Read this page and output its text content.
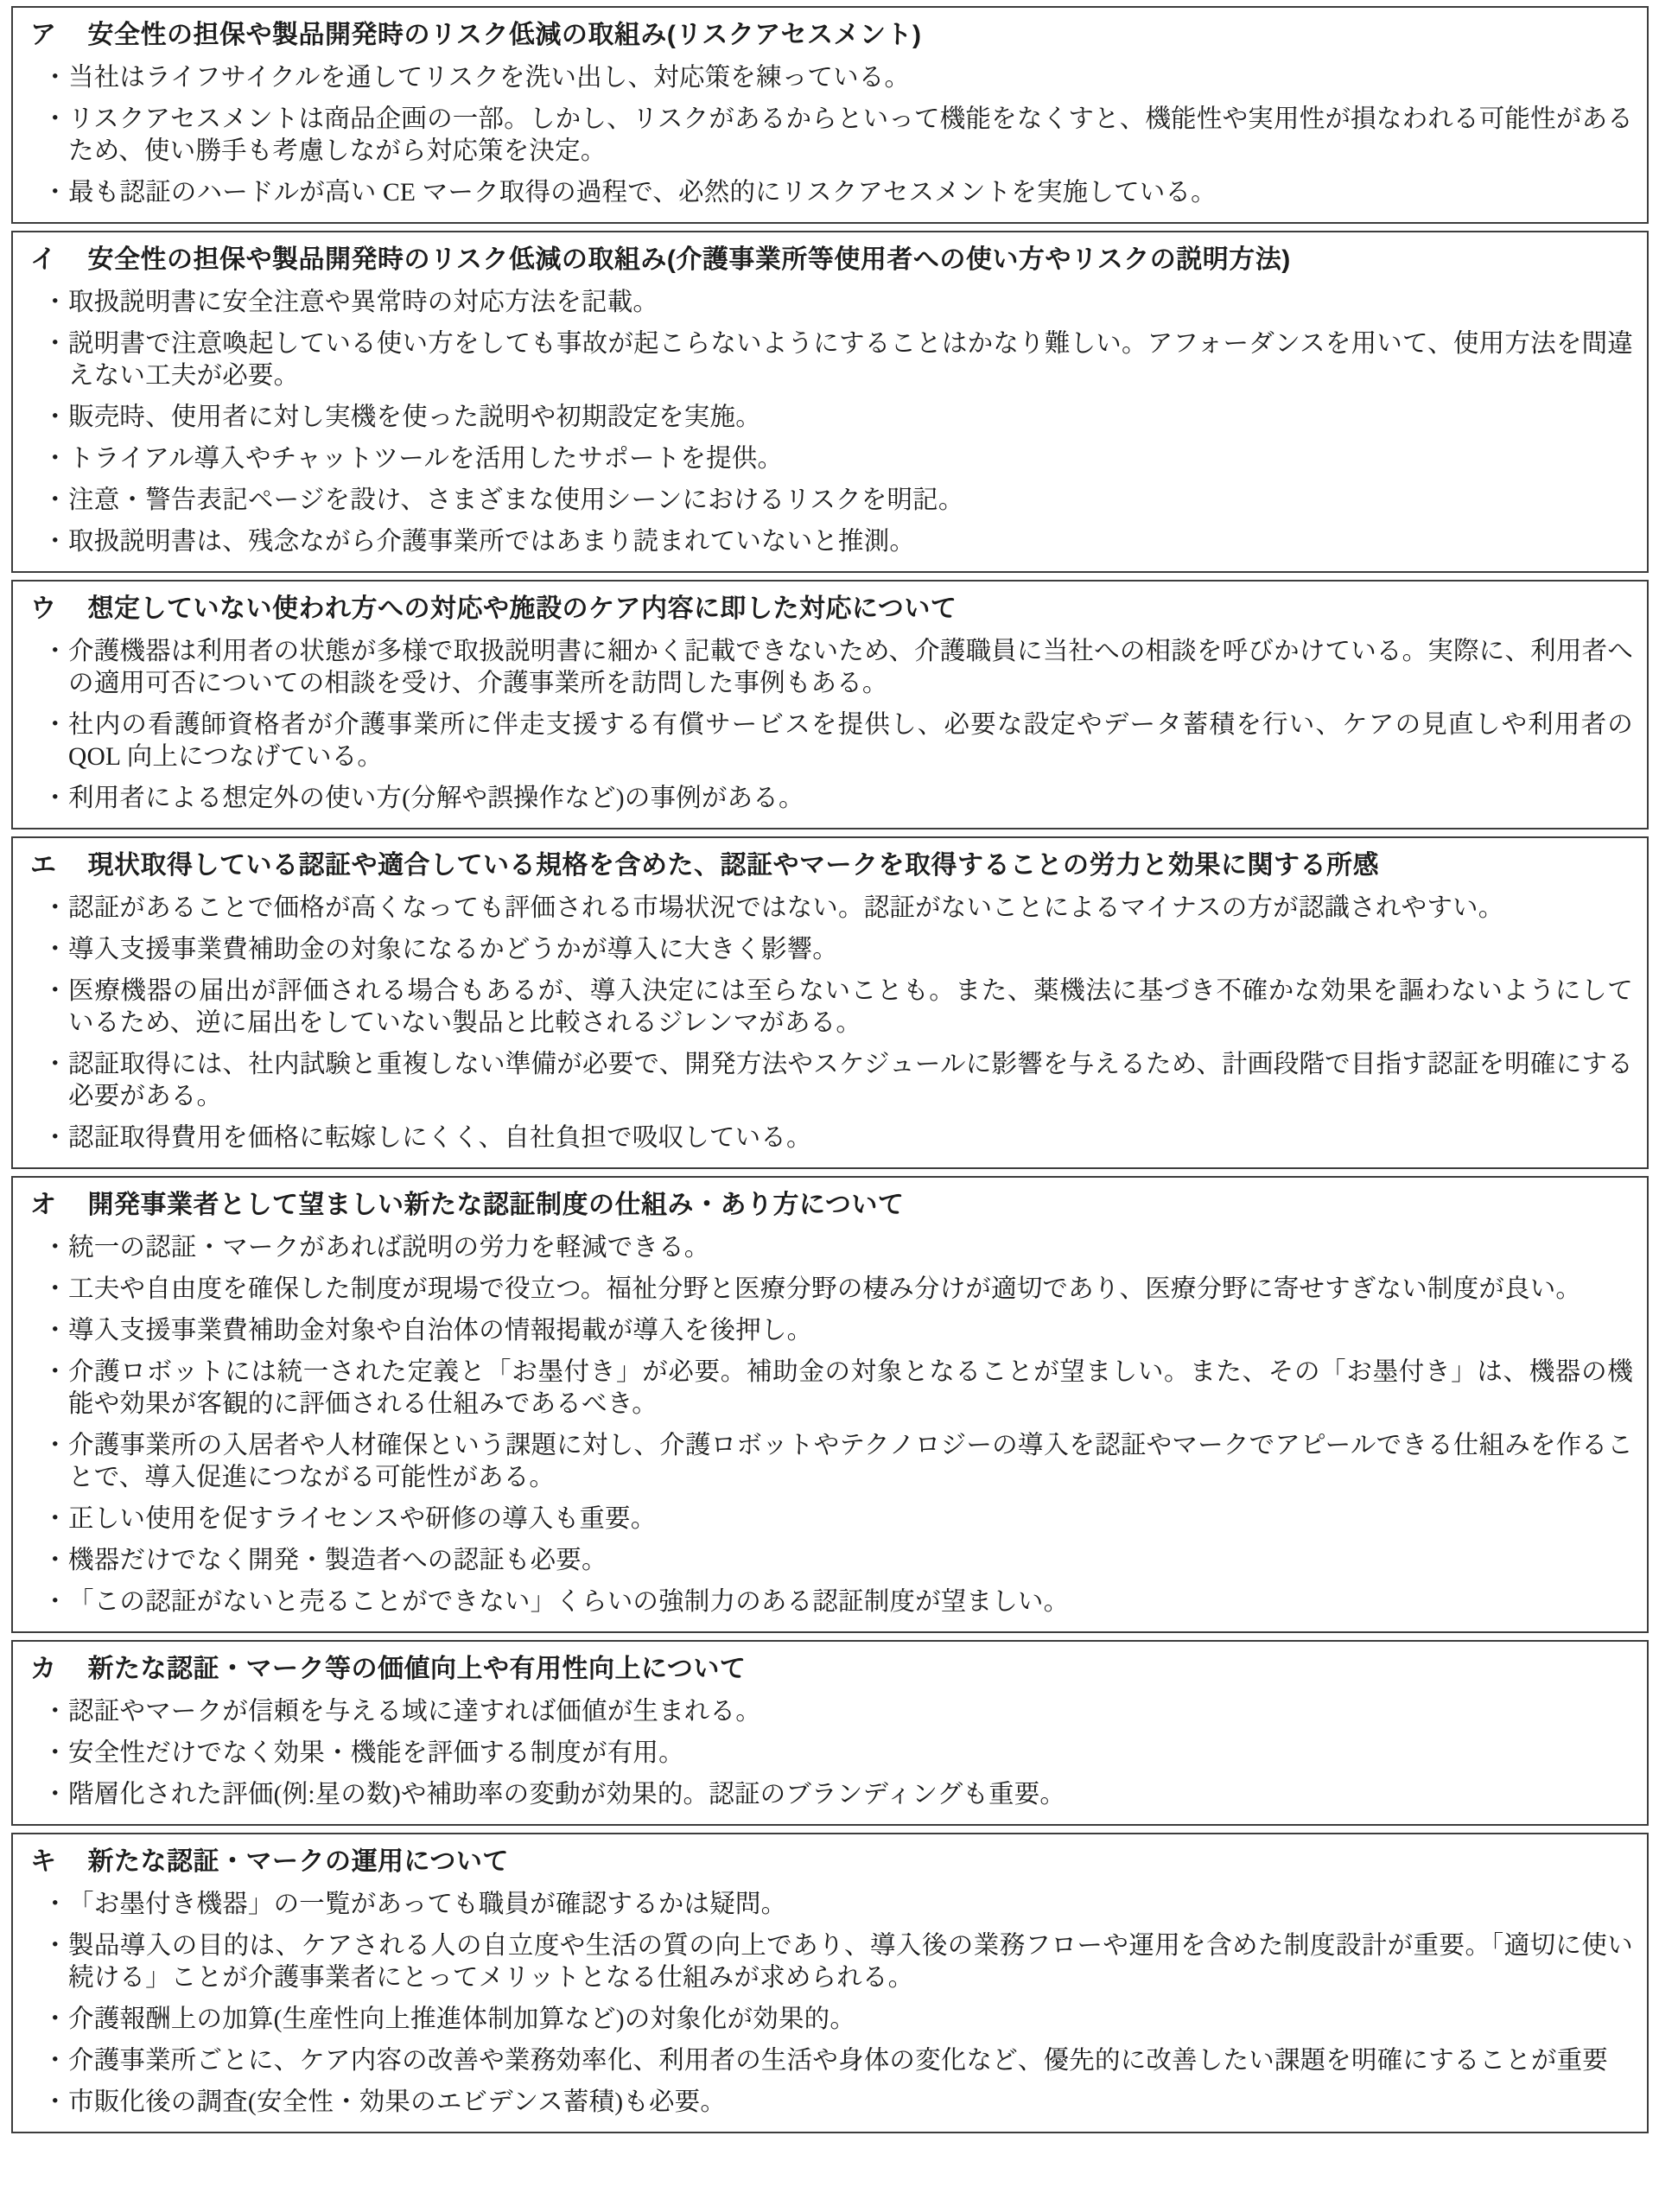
ア 安全性の担保や製品開発時のリスク低減の取組み(リスクアセスメント)
・ 当社はライフサイクルを通してリスクを洗い出し、対応策を練っている。
・ リスクアセスメントは商品企画の一部。しかし、リスクがあるからといって機能をなくすと、機能性や実用性が損なわれる可能性があるため、使い勝手も考慮しながら対応策を決定。
・ 最も認証のハードルが高い CE マーク取得の過程で、必然的にリスクアセスメントを実施している。
イ 安全性の担保や製品開発時のリスク低減の取組み(介護事業所等使用者への使い方やリスクの説明方法)
・ 取扱説明書に安全注意や異常時の対応方法を記載。
・ 説明書で注意喚起している使い方をしても事故が起こらないようにすることはかなり難しい。アフォーダンスを用いて、使用方法を間違えない工夫が必要。
・ 販売時、使用者に対し実機を使った説明や初期設定を実施。
・ トライアル導入やチャットツールを活用したサポートを提供。
・ 注意・警告表記ページを設け、さまざまな使用シーンにおけるリスクを明記。
・ 取扱説明書は、残念ながら介護事業所ではあまり読まれていないと推測。
ウ 想定していない使われ方への対応や施設のケア内容に即した対応について
・ 介護機器は利用者の状態が多様で取扱説明書に細かく記載できないため、介護職員に当社への相談を呼びかけている。実際に、利用者への適用可否についての相談を受け、介護事業所を訪問した事例もある。
・ 社内の看護師資格者が介護事業所に伴走支援する有償サービスを提供し、必要な設定やデータ蓄積を行い、ケアの見直しや利用者の QOL 向上につなげている。
・ 利用者による想定外の使い方(分解や誤操作など)の事例がある。
エ 現状取得している認証や適合している規格を含めた、認証やマークを取得することの労力と効果に関する所感
・ 認証があることで価格が高くなっても評価される市場状況ではない。認証がないことによるマイナスの方が認識されやすい。
・ 導入支援事業費補助金の対象になるかどうかが導入に大きく影響。
・ 医療機器の届出が評価される場合もあるが、導入決定には至らないことも。また、薬機法に基づき不確かな効果を謳わないようにしているため、逆に届出をしていない製品と比較されるジレンマがある。
・ 認証取得には、社内試験と重複しない準備が必要で、開発方法やスケジュールに影響を与えるため、計画段階で目指す認証を明確にする必要がある。
・ 認証取得費用を価格に転嫁しにくく、自社負担で吸収している。
オ 開発事業者として望ましい新たな認証制度の仕組み・あり方について
・ 統一の認証・マークがあれば説明の労力を軽減できる。
・ 工夫や自由度を確保した制度が現場で役立つ。福祉分野と医療分野の棲み分けが適切であり、医療分野に寄せすぎない制度が良い。
・ 導入支援事業費補助金対象や自治体の情報掲載が導入を後押し。
・ 介護ロボットには統一された定義と「お墨付き」が必要。補助金の対象となることが望ましい。また、その「お墨付き」は、機器の機能や効果が客観的に評価される仕組みであるべき。
・ 介護事業所の入居者や人材確保という課題に対し、介護ロボットやテクノロジーの導入を認証やマークでアピールできる仕組みを作ることで、導入促進につながる可能性がある。
・ 正しい使用を促すライセンスや研修の導入も重要。
・ 機器だけでなく開発・製造者への認証も必要。
・ 「この認証がないと売ることができない」くらいの強制力のある認証制度が望ましい。
カ 新たな認証・マーク等の価値向上や有用性向上について
・ 認証やマークが信頼を与える域に達すれば価値が生まれる。
・ 安全性だけでなく効果・機能を評価する制度が有用。
・ 階層化された評価(例:星の数)や補助率の変動が効果的。認証のブランディングも重要。
キ 新たな認証・マークの運用について
・ 「お墨付き機器」の一覧があっても職員が確認するかは疑問。
・ 製品導入の目的は、ケアされる人の自立度や生活の質の向上であり、導入後の業務フローや運用を含めた制度設計が重要。「適切に使い続ける」ことが介護事業者にとってメリットとなる仕組みが求められる。
・ 介護報酬上の加算(生産性向上推進体制加算など)の対象化が効果的。
・ 介護事業所ごとに、ケア内容の改善や業務効率化、利用者の生活や身体の変化など、優先的に改善したい課題を明確にすることが重要
・ 市販化後の調査(安全性・効果のエビデンス蓄積)も必要。
